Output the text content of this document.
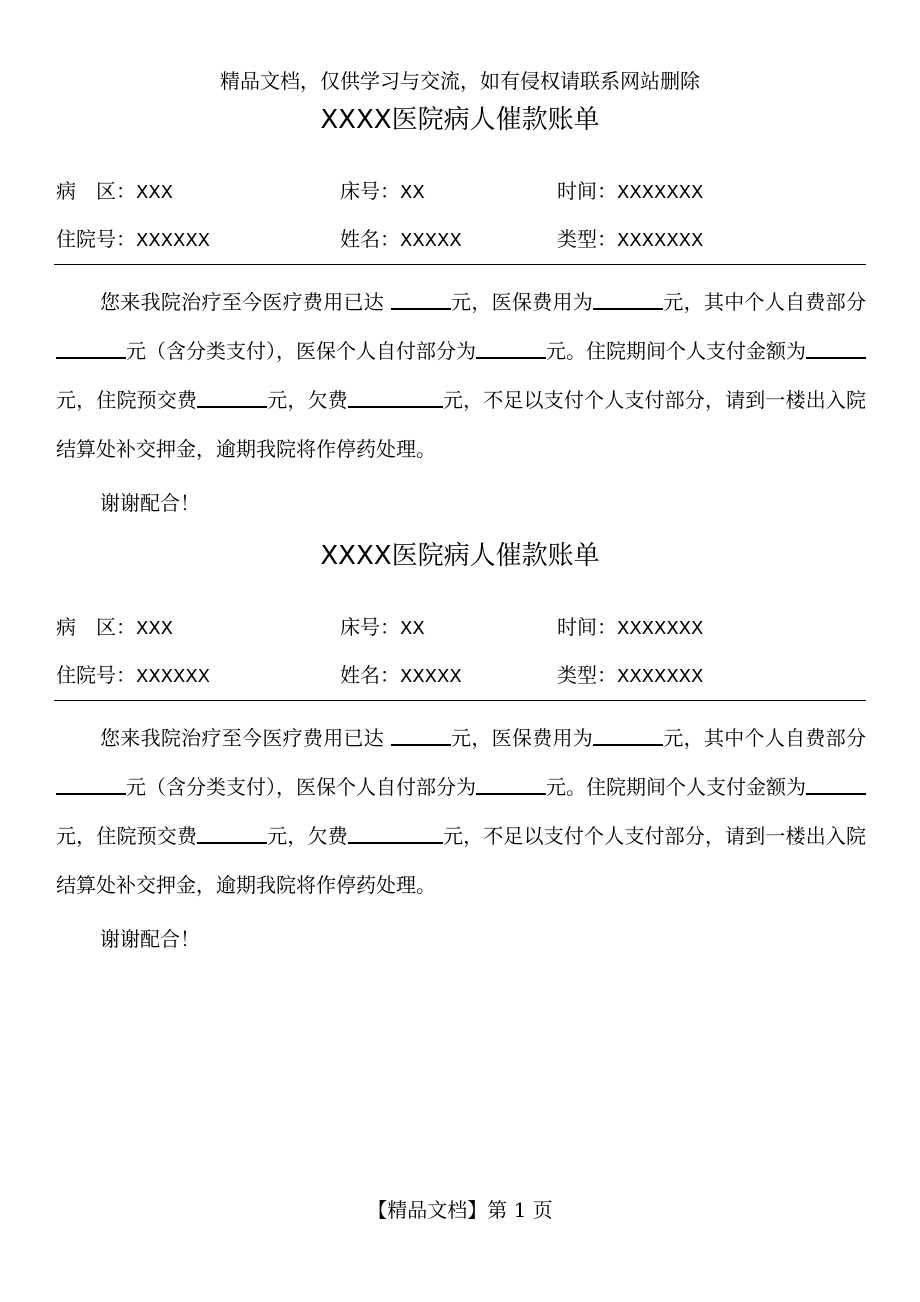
精品文档，仅供学习与交流，如有侵权请联系网站删除
XXXX医院病人催款账单
病　区：XXX	床号：XX	时间：XXXXXXX
住院号：XXXXXX	姓名：XXXXX	类型：XXXXXXX

您来我院治疗至今医疗费用已达	元，医保费用为	元，其中个人自费部分元（含分类支付），医保个人自付部分为	元。住院期间个人支付金额为元，住院预交费	元，欠费	元，不足以支付个人支付部分，请到一楼出入院结算处补交押金，逾期我院将作停药处理。

谢谢配合！
XXXX医院病人催款账单
病　区：XXX	床号：XX	时间：XXXXXXX
住院号：XXXXXX	姓名：XXXXX	类型：XXXXXXX

您来我院治疗至今医疗费用已达	元，医保费用为	元，其中个人自费部分元（含分类支付），医保个人自付部分为	元。住院期间个人支付金额为元，住院预交费	元，欠费	元，不足以支付个人支付部分，请到一楼出入院结算处补交押金，逾期我院将作停药处理。

谢谢配合！
【精品文档】第 1 页
